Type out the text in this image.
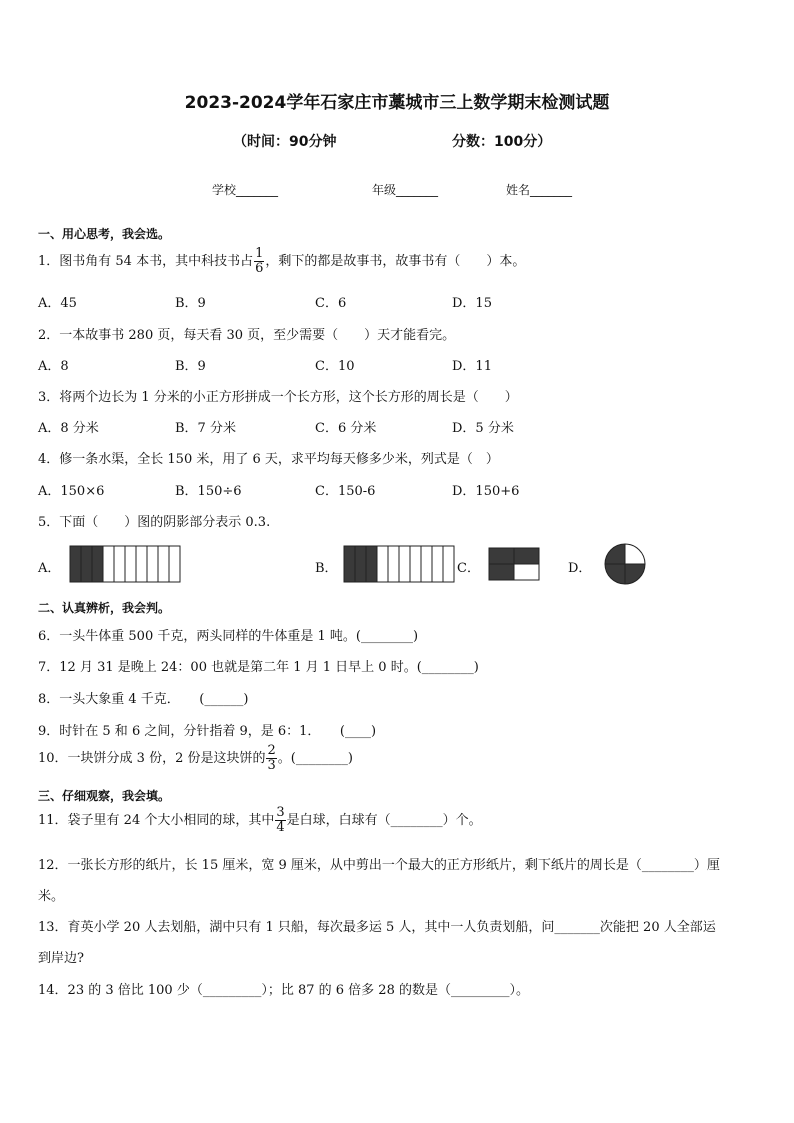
2023-2024学年石家庄市藁城市三上数学期末检测试题
（时间：90分钟	分数：100分）
学校_______	年级_______	姓名_______
一、用心思考，我会选。
1．图书角有 54 本书，其中科技书占 $\frac{1}{6}$ ，剩下的都是故事书，故事书有（　　）本。
A．45	B．9	C．6	D．15
2．一本故事书 280 页，每天看 30 页，至少需要（　　）天才能看完。
A．8	B．9	C．10	D．11
3．将两个边长为 1 分米的小正方形拼成一个长方形，这个长方形的周长是（　　）
A．8 分米	B．7 分米	C．6 分米	D．5 分米
4．修一条水渠，全长 150 米，用了 6 天，求平均每天修多少米，列式是（　）
A．150×6	B．150÷6	C．150-6	D．150+6
5．下面（　　）图的阴影部分表示 0.3.
A．	B．	C．	D．
二、认真辨析，我会判。
6．一头牛体重 500 千克，两头同样的牛体重是 1 吨。(________)
7．12 月 31 是晚上 24：00 也就是第二年 1 月 1 日早上 0 时。(________)
8．一头大象重 4 千克．　　(______)
9．时针在 5 和 6 之间，分针指着 9，是 6：1．　　(____)
10．一块饼分成 3 份，2 份是这块饼的 $\frac{2}{3}$ 。(________)
三、仔细观察，我会填。
11．袋子里有 24 个大小相同的球，其中 $\frac{3}{4}$ 是白球，白球有（________）个。
12．一张长方形的纸片，长 15 厘米，宽 9 厘米，从中剪出一个最大的正方形纸片，剩下纸片的周长是（________）厘
米。
13．育英小学 20 人去划船，湖中只有 1 只船，每次最多运 5 人，其中一人负责划船，问_______次能把 20 人全部运
到岸边?
14．23 的 3 倍比 100 少（_________）；比 87 的 6 倍多 28 的数是（_________）。
